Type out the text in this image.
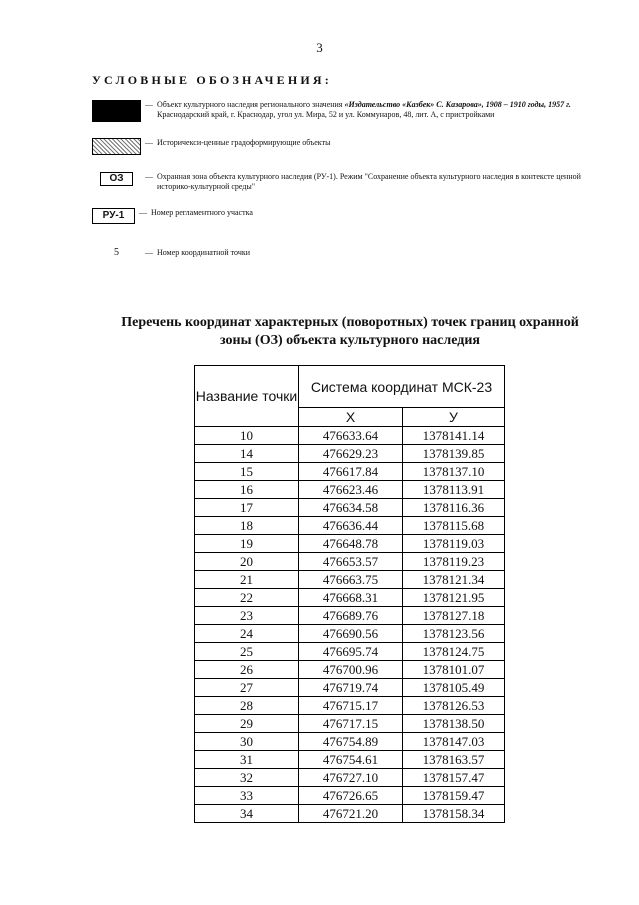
3
УСЛОВНЫЕ ОБОЗНАЧЕНИЯ:
— Объект культурного наследия регионального значения «Издательство «Казбек» С. Казарова», 1908 – 1910 годы, 1957 г. Краснодарский край, г. Краснодар, угол ул. Мира, 52 и ул. Коммунаров, 48, лит. А, с пристройками
— Историчекси-ценные градоформирующие объекты
ОЗ	— Охранная зона объекта культурного наследия (РУ-1). Режим "Сохранение объекта культурного наследия в контексте ценной историко-культурной среды"
РУ-1	— Номер регламентного участка
5	— Номер координатной точки
Перечень координат характерных (поворотных) точек границ охранной
зоны (ОЗ) объекта культурного наследия
Название точки	Система координат МСК-23	
	X	У
10	476633.64	1378141.14
14	476629.23	1378139.85
15	476617.84	1378137.10
16	476623.46	1378113.91
17	476634.58	1378116.36
18	476636.44	1378115.68
19	476648.78	1378119.03
20	476653.57	1378119.23
21	476663.75	1378121.34
22	476668.31	1378121.95
23	476689.76	1378127.18
24	476690.56	1378123.56
25	476695.74	1378124.75
26	476700.96	1378101.07
27	476719.74	1378105.49
28	476715.17	1378126.53
29	476717.15	1378138.50
30	476754.89	1378147.03
31	476754.61	1378163.57
32	476727.10	1378157.47
33	476726.65	1378159.47
34	476721.20	1378158.34
